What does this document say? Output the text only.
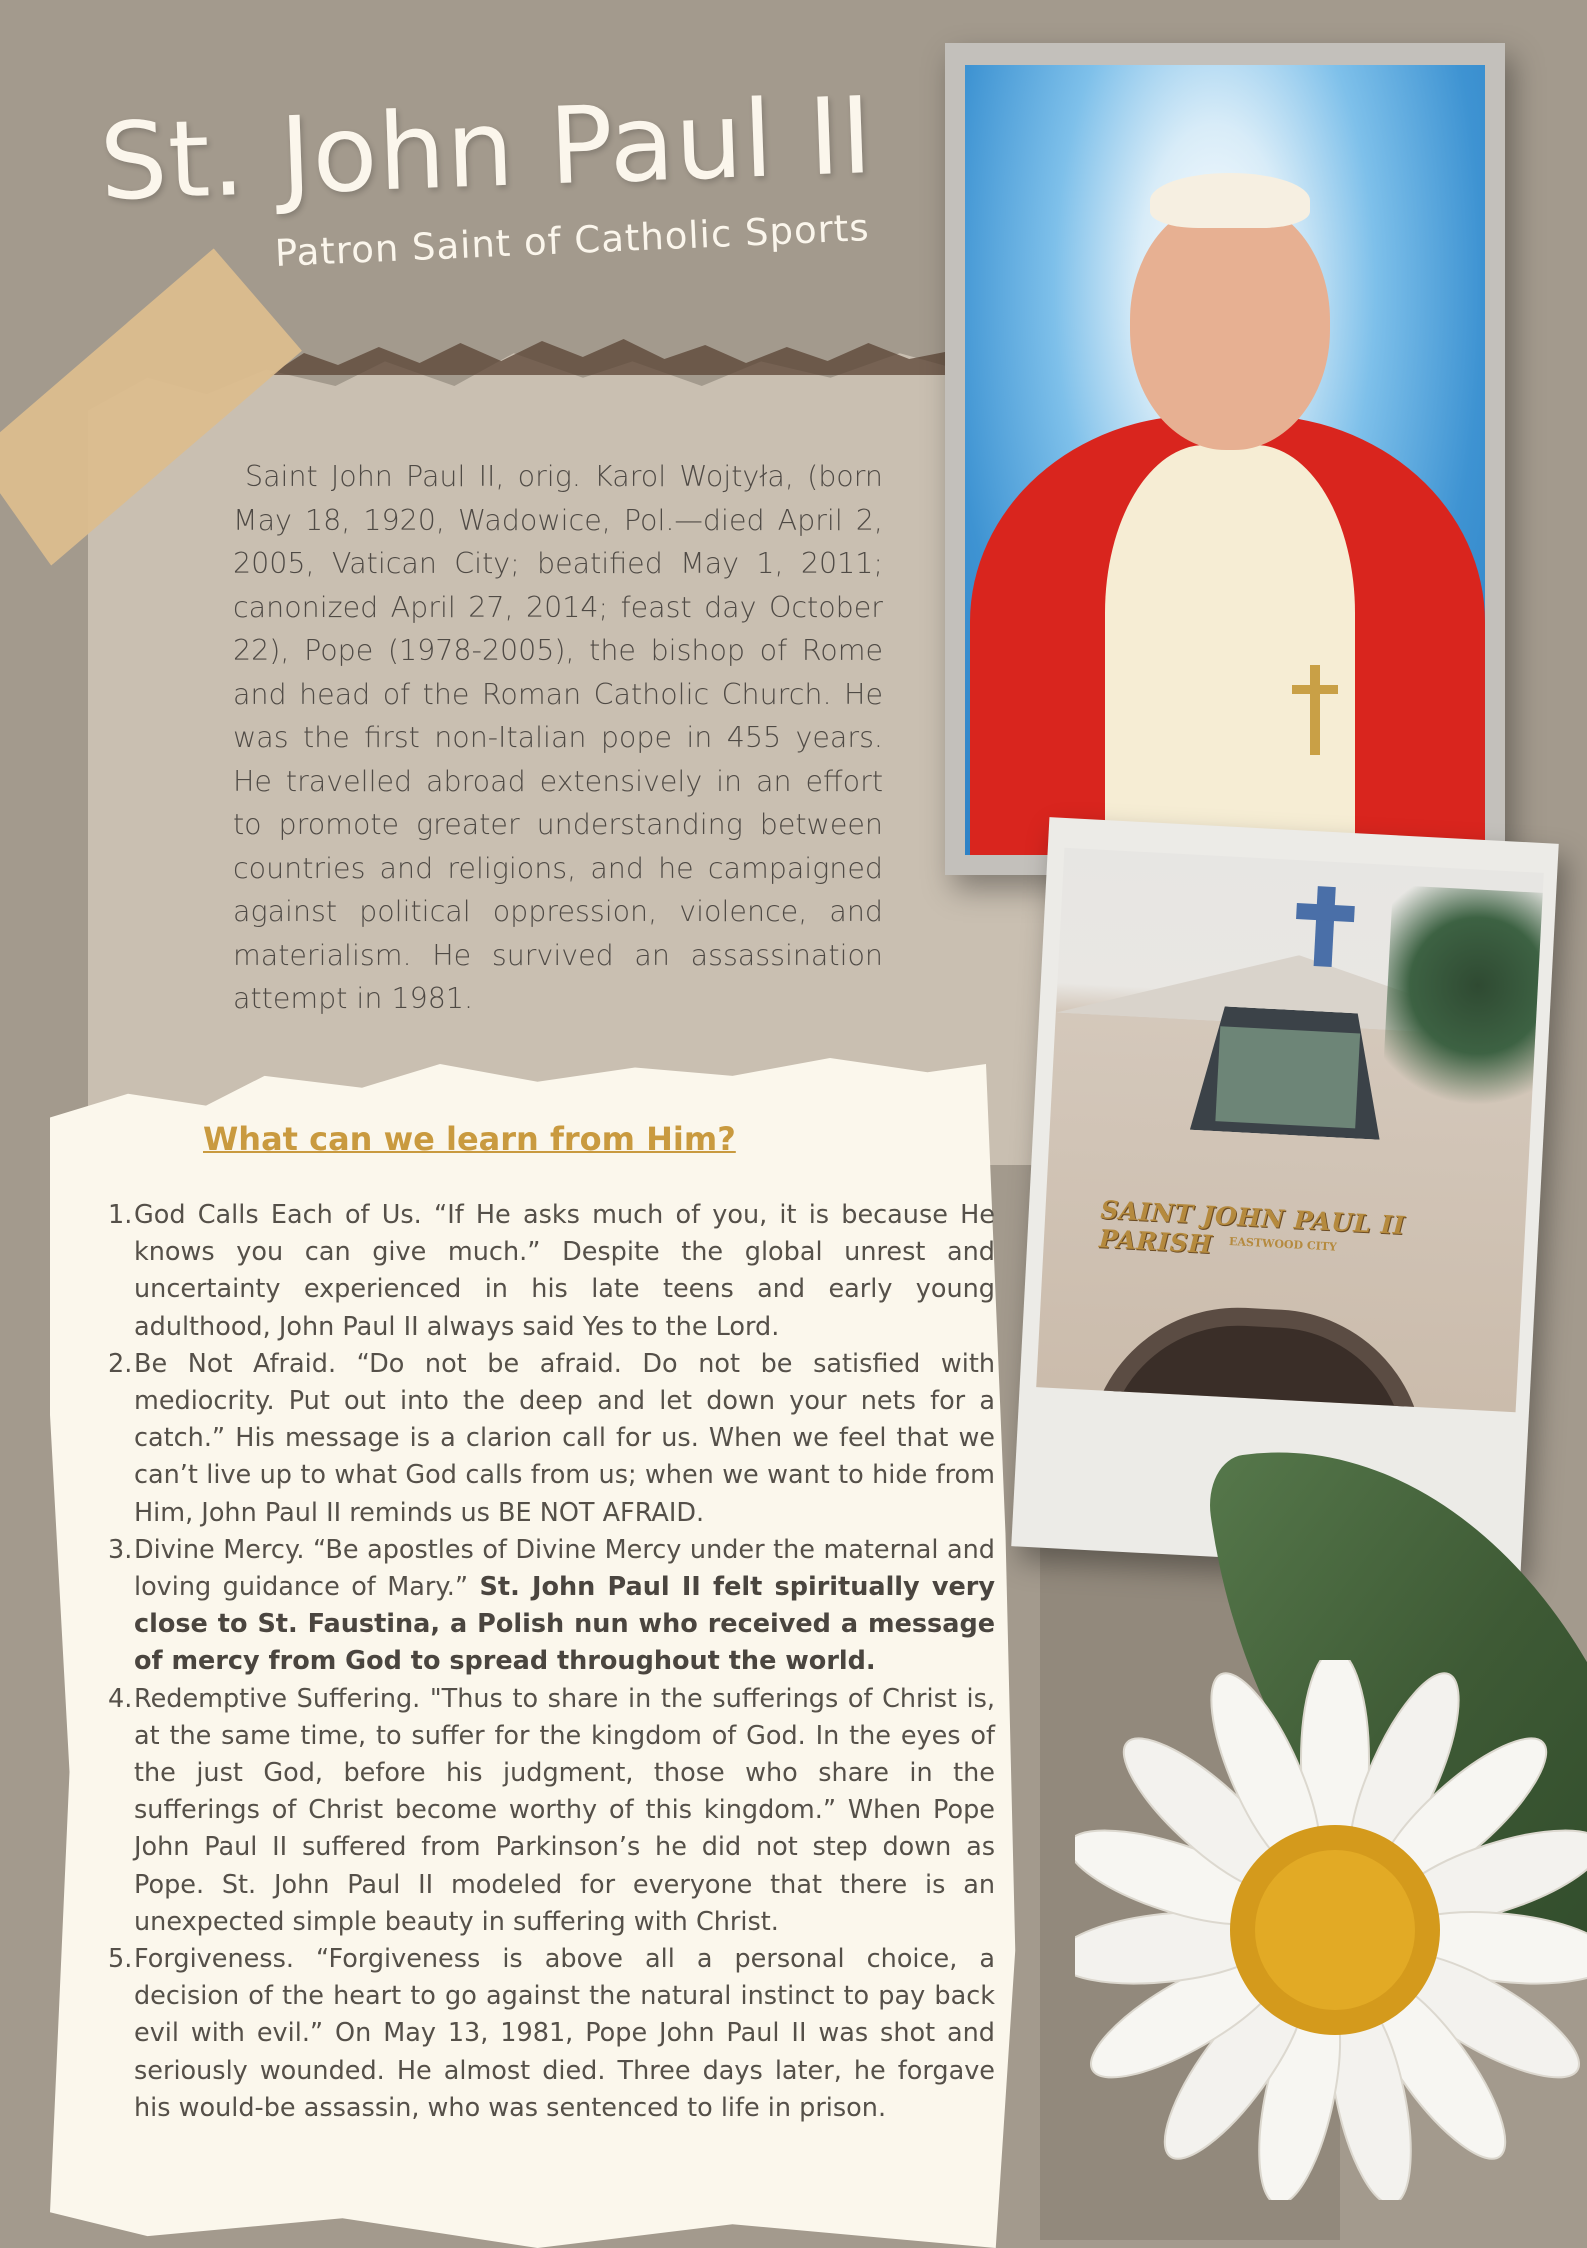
SAINT JOHN PAUL II PARISH	EASTWOOD CITY
St. John Paul II
Patron Saint of Catholic Sports
Saint John Paul II, orig. Karol Wojtyła, (born May 18, 1920, Wadowice, Pol.—died April 2, 2005, Vatican City; beatified May 1, 2011; canonized April 27, 2014; feast day October 22), Pope (1978-2005), the bishop of Rome and head of the Roman Catholic Church. He was the first non-Italian pope in 455 years. He travelled abroad extensively in an effort to promote greater understanding between countries and religions, and he campaigned against political oppression, violence, and materialism. He survived an assassination attempt in 1981.
What can we learn from Him?
1. God Calls Each of Us. “If He asks much of you, it is because He knows you can give much.” Despite the global unrest and uncertainty experienced in his late teens and early young adulthood, John Paul II always said Yes to the Lord.
2. Be Not Afraid. “Do not be afraid. Do not be satisfied with mediocrity. Put out into the deep and let down your nets for a catch.” His message is a clarion call for us. When we feel that we can’t live up to what God calls from us; when we want to hide from Him, John Paul II reminds us BE NOT AFRAID.
3. Divine Mercy. “Be apostles of Divine Mercy under the maternal and loving guidance of Mary.” St. John Paul II felt spiritually very close to St. Faustina, a Polish nun who received a message of mercy from God to spread throughout the world.
4. Redemptive Suffering. "Thus to share in the sufferings of Christ is, at the same time, to suffer for the kingdom of God. In the eyes of the just God, before his judgment, those who share in the sufferings of Christ become worthy of this kingdom.” When Pope John Paul II suffered from Parkinson’s he did not step down as Pope. St. John Paul II modeled for everyone that there is an unexpected simple beauty in suffering with Christ.
5. Forgiveness. “Forgiveness is above all a personal choice, a decision of the heart to go against the natural instinct to pay back evil with evil.” On May 13, 1981, Pope John Paul II was shot and seriously wounded. He almost died. Three days later, he forgave his would-be assassin, who was sentenced to life in prison.
